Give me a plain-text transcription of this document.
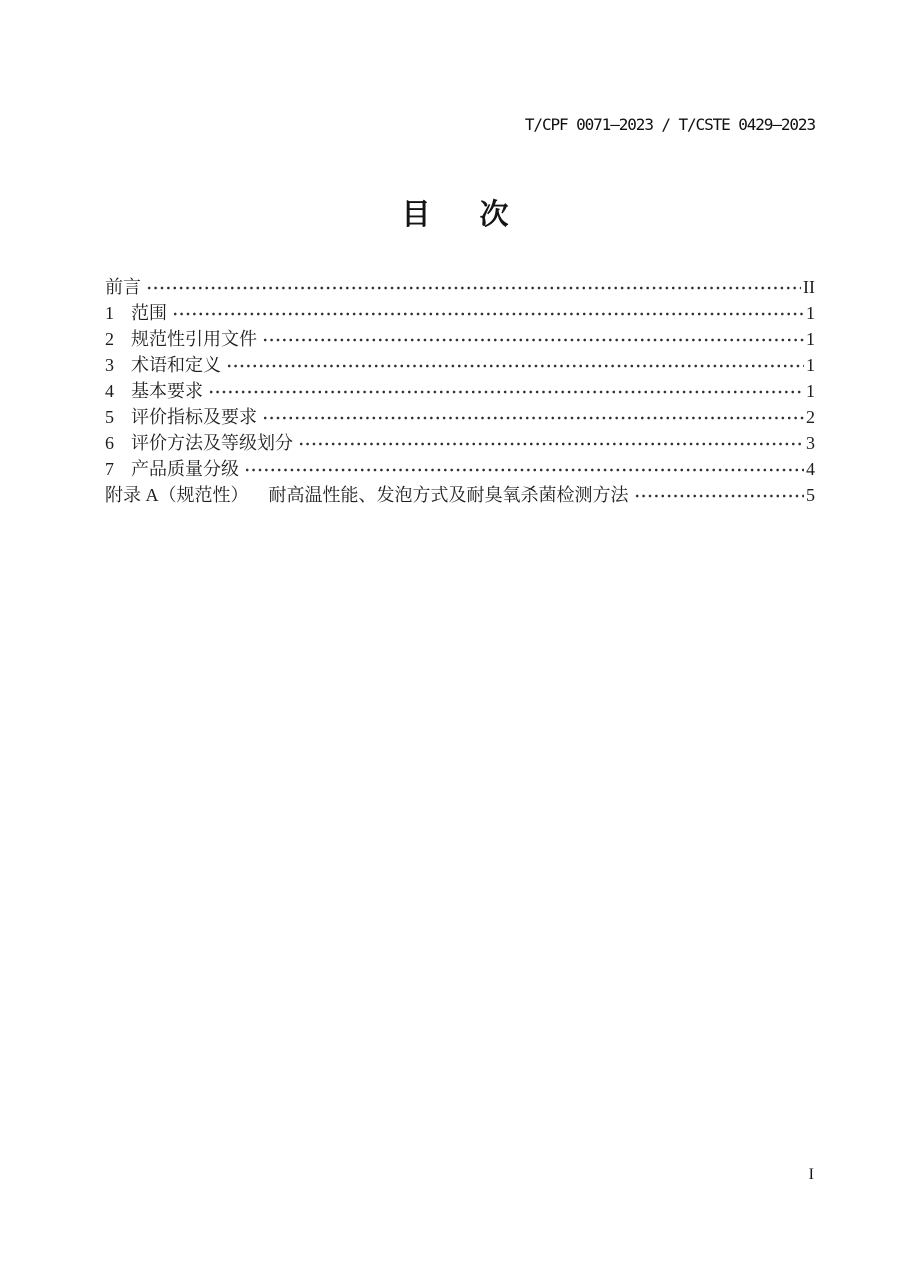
T/CPF 0071—2023 / T/CSTE 0429—2023
目　次
前言	II
1 范围	1
2 规范性引用文件	1
3 术语和定义	1
4 基本要求	1
5 评价指标及要求	2
6 评价方法及等级划分	3
7 产品质量分级	4
附录 A（规范性） 耐高温性能、发泡方式及耐臭氧杀菌检测方法	5
I
